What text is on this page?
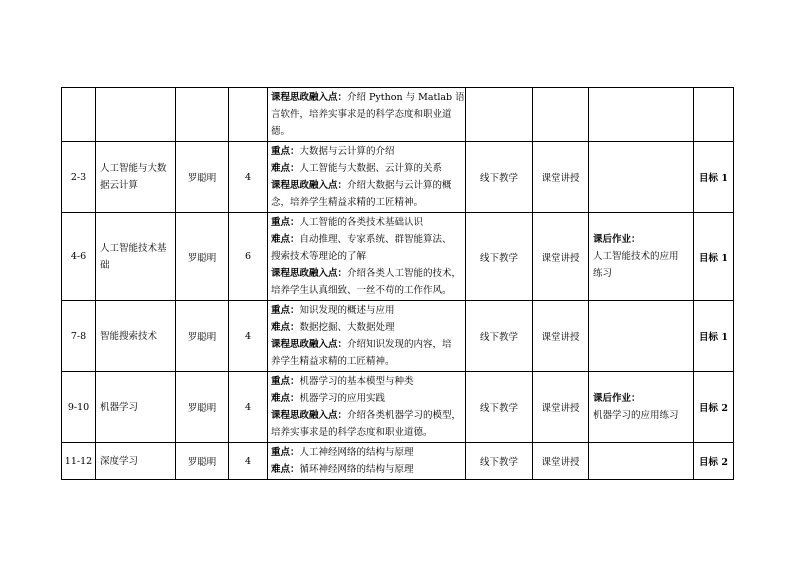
				课程思政融入点：介绍 Python 与 Matlab 语
言软件，培养实事求是的科学态度和职业道
德。				

2-3	人工智能与大数
据云计算	罗聪明	4	重点：大数据与云计算的介绍
难点：人工智能与大数据、云计算的关系
课程思政融入点：介绍大数据与云计算的概
念，培养学生精益求精的工匠精神。	线下教学	课堂讲授		目标 1
4-6	人工智能技术基
础	罗聪明	6	重点：人工智能的各类技术基础认识
难点：自动推理、专家系统、群智能算法、
搜索技术等理论的了解
课程思政融入点：介绍各类人工智能的技术，
培养学生认真细致、一丝不苟的工作作风。	线下教学	课堂讲授	课后作业：
人工智能技术的应用
练习	目标 1
7-8	智能搜索技术	罗聪明	4	重点：知识发现的概述与应用
难点：数据挖掘、大数据处理
课程思政融入点：介绍知识发现的内容，培
养学生精益求精的工匠精神。	线下教学	课堂讲授		目标 1
9-10	机器学习	罗聪明	4	重点：机器学习的基本模型与种类
难点：机器学习的应用实践
课程思政融入点：介绍各类机器学习的模型，
培养实事求是的科学态度和职业道德。	线下教学	课堂讲授	课后作业：
机器学习的应用练习	目标 2
11-12	深度学习	罗聪明	4	重点：人工神经网络的结构与原理
难点：循环神经网络的结构与原理	线下教学	课堂讲授		目标 2
